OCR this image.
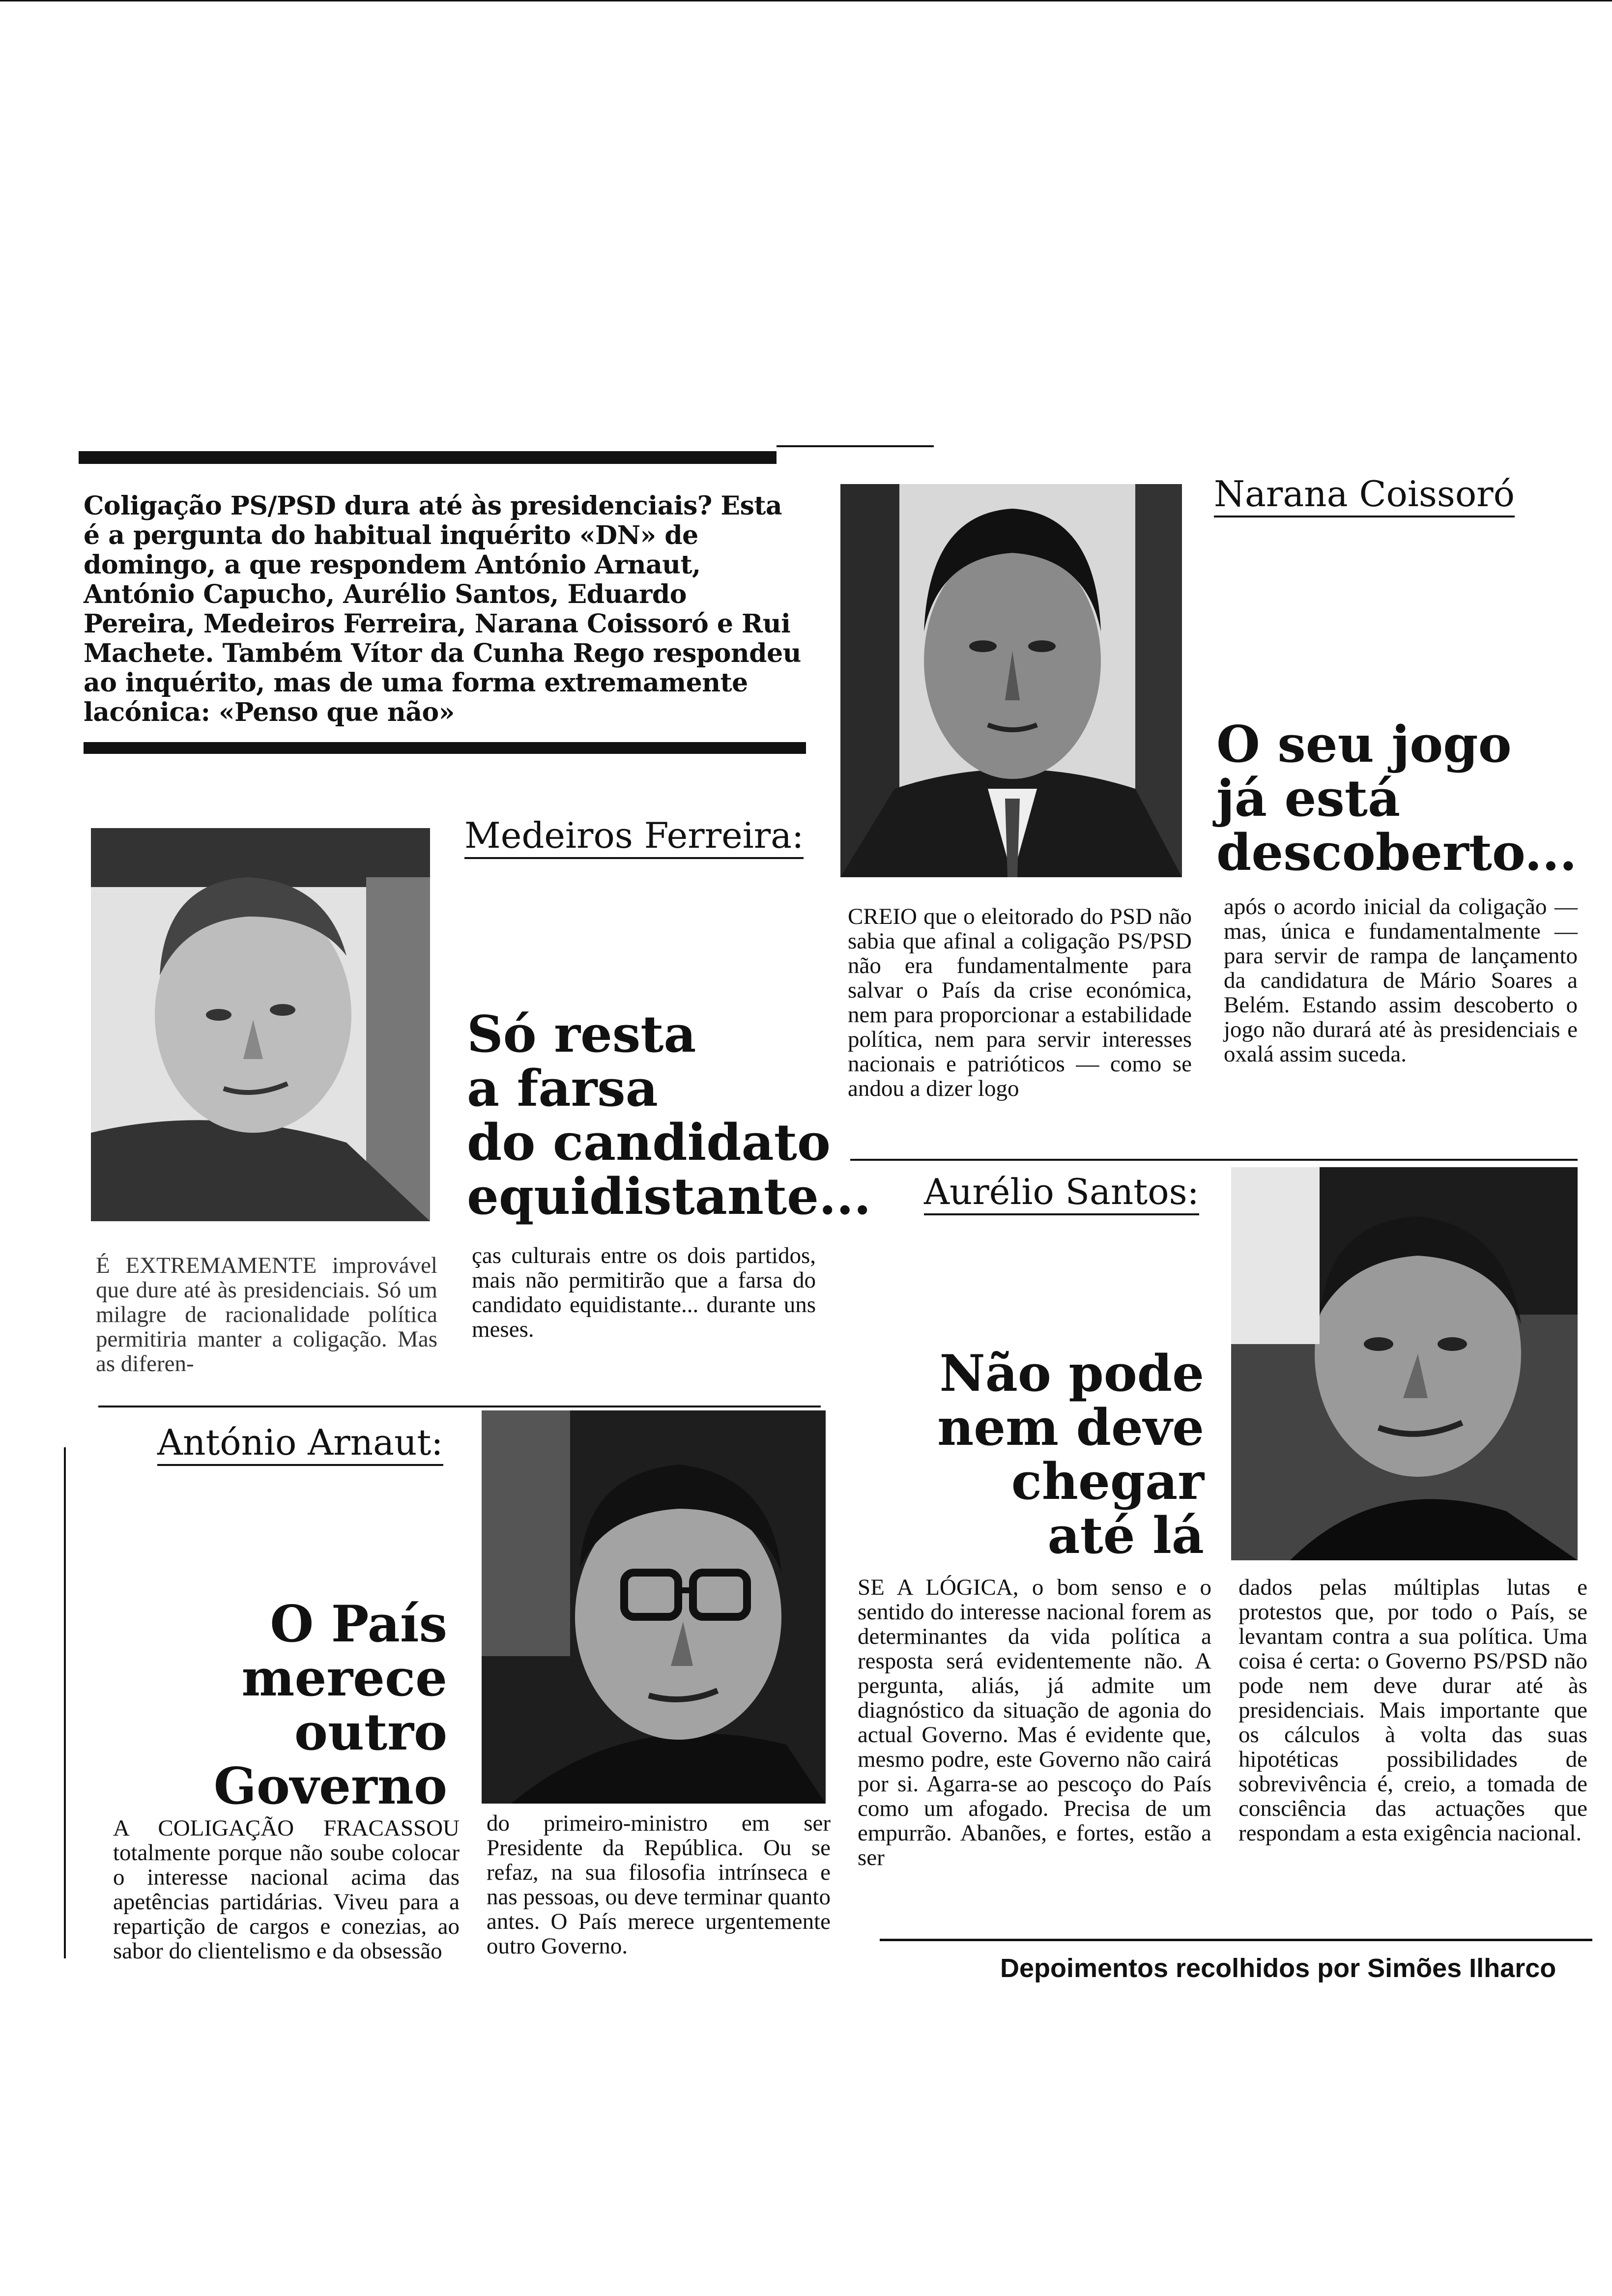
Coligação PS/PSD dura até às presidenciais? Esta é a pergunta do habitual inquérito «DN» de domingo, a que respondem António Arnaut, António Capucho, Aurélio Santos, Eduardo Pereira, Medeiros Ferreira, Narana Coissoró e Rui Machete. Também Vítor da Cunha Rego respondeu ao inquérito, mas de uma forma extremamente lacónica: «Penso que não»
Narana Coissoró
O seu jogo
já está
descoberto...
CREIO que o eleitorado do PSD não sabia que afinal a coligação PS/PSD não era fundamentalmente para salvar o País da crise económica, nem para proporcionar a estabilidade política, nem para servir interesses nacionais e patrióticos — como se andou a dizer logo
após o acordo inicial da coligação — mas, única e fundamentalmente — para servir de rampa de lançamento da candidatura de Mário Soares a Belém. Estando assim descoberto o jogo não durará até às presidenciais e oxalá assim suceda.
Medeiros Ferreira:
Só resta
a farsa
do candidato
equidistante...
É EXTREMAMENTE improvável que dure até às presidenciais. Só um milagre de racionalidade política permitiria manter a coligação. Mas as diferen-
ças culturais entre os dois partidos, mais não permitirão que a farsa do candidato equidistante... durante uns meses.
Aurélio Santos:
Não pode
nem deve
chegar
até lá
SE A LÓGICA, o bom senso e o sentido do interesse nacional forem as determinantes da vida política a resposta será evidentemente não. A pergunta, aliás, já admite um diagnóstico da situação de agonia do actual Governo. Mas é evidente que, mesmo podre, este Governo não cairá por si. Agarra-se ao pescoço do País como um afogado. Precisa de um empurrão. Abanões, e fortes, estão a ser
dados pelas múltiplas lutas e protestos que, por todo o País, se levantam contra a sua política. Uma coisa é certa: o Governo PS/PSD não pode nem deve durar até às presidenciais. Mais importante que os cálculos à volta das suas hipotéticas possibilidades de sobrevivência é, creio, a tomada de consciência das actuações que respondam a esta exigência nacional.
Depoimentos recolhidos por Simões Ilharco
António Arnaut:
O País
merece
outro
Governo
A COLIGAÇÃO FRACASSOU totalmente porque não soube colocar o interesse nacional acima das apetências partidárias. Viveu para a repartição de cargos e conezias, ao sabor do clientelismo e da obsessão
do primeiro-ministro em ser Presidente da República. Ou se refaz, na sua filosofia intrínseca e nas pessoas, ou deve terminar quanto antes. O País merece urgentemente outro Governo.
